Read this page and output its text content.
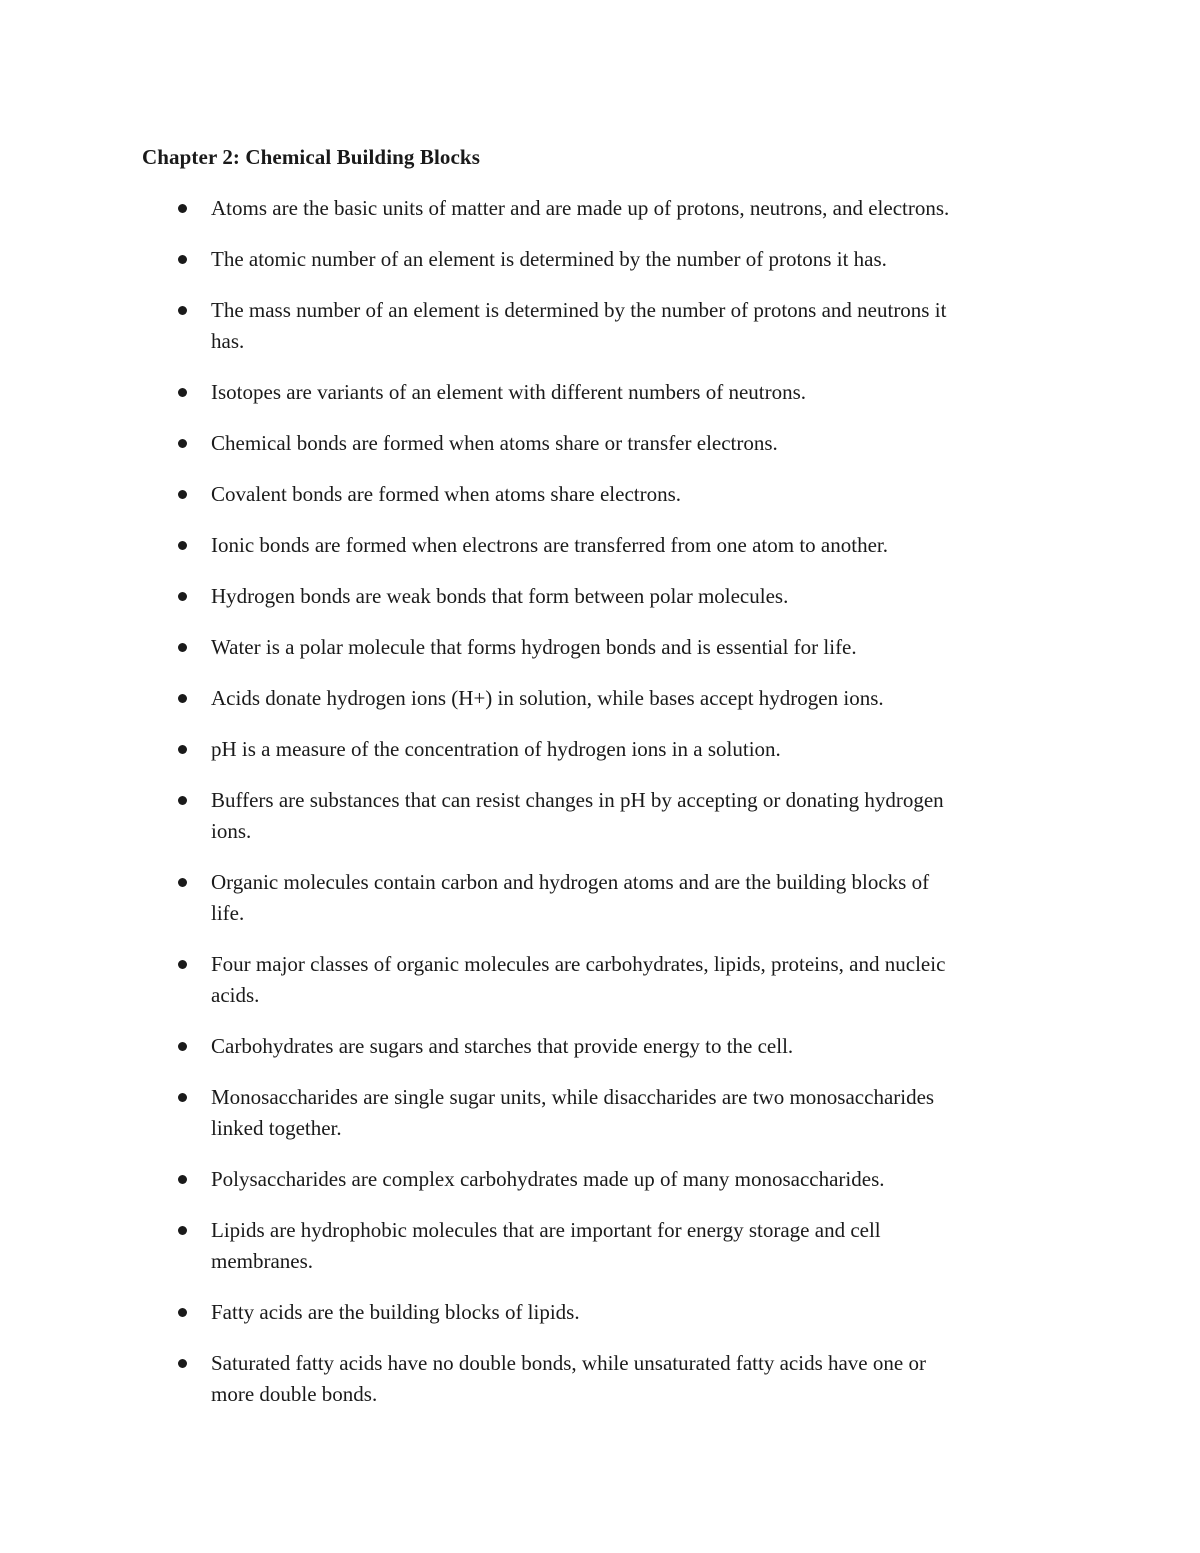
Chapter 2: Chemical Building Blocks
Atoms are the basic units of matter and are made up of protons, neutrons, and electrons.
The atomic number of an element is determined by the number of protons it has.
The mass number of an element is determined by the number of protons and neutrons it
has.
Isotopes are variants of an element with different numbers of neutrons.
Chemical bonds are formed when atoms share or transfer electrons.
Covalent bonds are formed when atoms share electrons.
Ionic bonds are formed when electrons are transferred from one atom to another.
Hydrogen bonds are weak bonds that form between polar molecules.
Water is a polar molecule that forms hydrogen bonds and is essential for life.
Acids donate hydrogen ions (H+) in solution, while bases accept hydrogen ions.
pH is a measure of the concentration of hydrogen ions in a solution.
Buffers are substances that can resist changes in pH by accepting or donating hydrogen
ions.
Organic molecules contain carbon and hydrogen atoms and are the building blocks of
life.
Four major classes of organic molecules are carbohydrates, lipids, proteins, and nucleic
acids.
Carbohydrates are sugars and starches that provide energy to the cell.
Monosaccharides are single sugar units, while disaccharides are two monosaccharides
linked together.
Polysaccharides are complex carbohydrates made up of many monosaccharides.
Lipids are hydrophobic molecules that are important for energy storage and cell
membranes.
Fatty acids are the building blocks of lipids.
Saturated fatty acids have no double bonds, while unsaturated fatty acids have one or
more double bonds.
